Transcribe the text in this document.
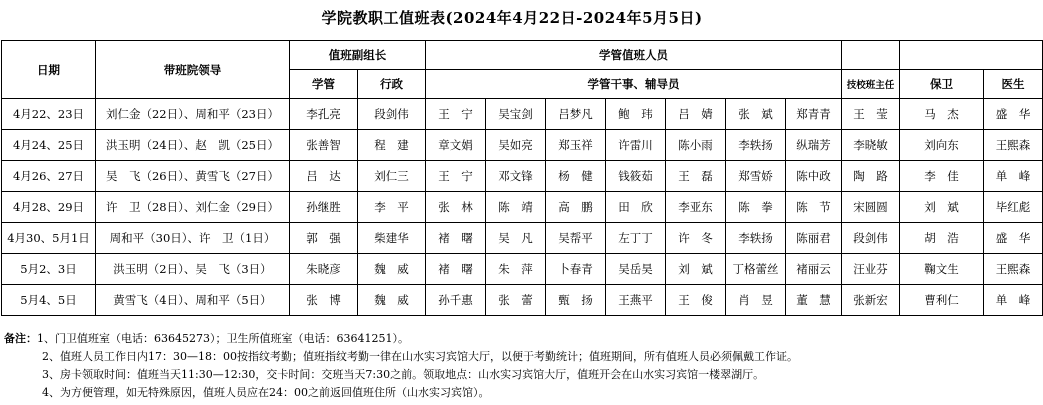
学院教职工值班表(2024年4月22日-2024年5月5日)
日期	带班院领导	值班副组长		学管值班人员									
		学管	行政	学管干事、辅导员							技校班主任	保卫	医生
4月22、23日	刘仁金（22日）、周和平（23日）	李孔亮	段剑伟	王　宁	吴宝剑	吕梦凡	鲍　玮	吕　婧	张　斌	郑青青	王　莹	马　杰	盛　华
4月24、25日	洪玉明（24日）、赵　凯（25日）	张善智	程　建	章文娟	吴如亮	郑玉祥	许雷川	陈小雨	李轶扬	纵瑞芳	李晓敏	刘向东	王熙森
4月26、27日	吴　飞（26日）、黄雪飞（27日）	吕　达	刘仁三	王　宁	邓文锋	杨　健	钱筱茹	王　磊	郑雪娇	陈中政	陶　路	李　佳	单　峰
4月28、29日	许　卫（28日）、刘仁金（29日）	孙继胜	李　平	张　林	陈　靖	高　鹏	田　欣	李亚东	陈　拳	陈　节	宋圆圆	刘　斌	毕红彪
4月30、5月1日	周和平（30日）、许　卫（1日）	郭　强	柴建华	褚　曙	吴　凡	吴帮平	左丁丁	许　冬	李轶扬	陈丽君	段剑伟	胡　浩	盛　华
5月2、3日	洪玉明（2日）、吴　飞（3日）	朱晓彦	魏　威	褚　曙	朱　萍	卜春青	吴岳昊	刘　斌	丁格蕾丝	褚丽云	汪业芬	鞠文生	王熙森
5月4、5日	黄雪飞（4日）、周和平（5日）	张　博	魏　威	孙千惠	张　蕾	甄　扬	王燕平	王　俊	肖　昱	董　慧	张新宏	曹利仁	单　峰
备注：1、门卫值班室（电话：63645273）；卫生所值班室（电话：63641251）。
2、值班人员工作日内17：30—18：00按指纹考勤；值班指纹考勤一律在山水实习宾馆大厅，以便于考勤统计；值班期间，所有值班人员必须佩戴工作证。
3、房卡领取时间：值班当天11:30—12:30，交卡时间：交班当天7:30之前。领取地点：山水实习宾馆大厅，值班开会在山水实习宾馆一楼翠湖厅。
4、为方便管理，如无特殊原因，值班人员应在24：00之前返回值班住所（山水实习宾馆）。
